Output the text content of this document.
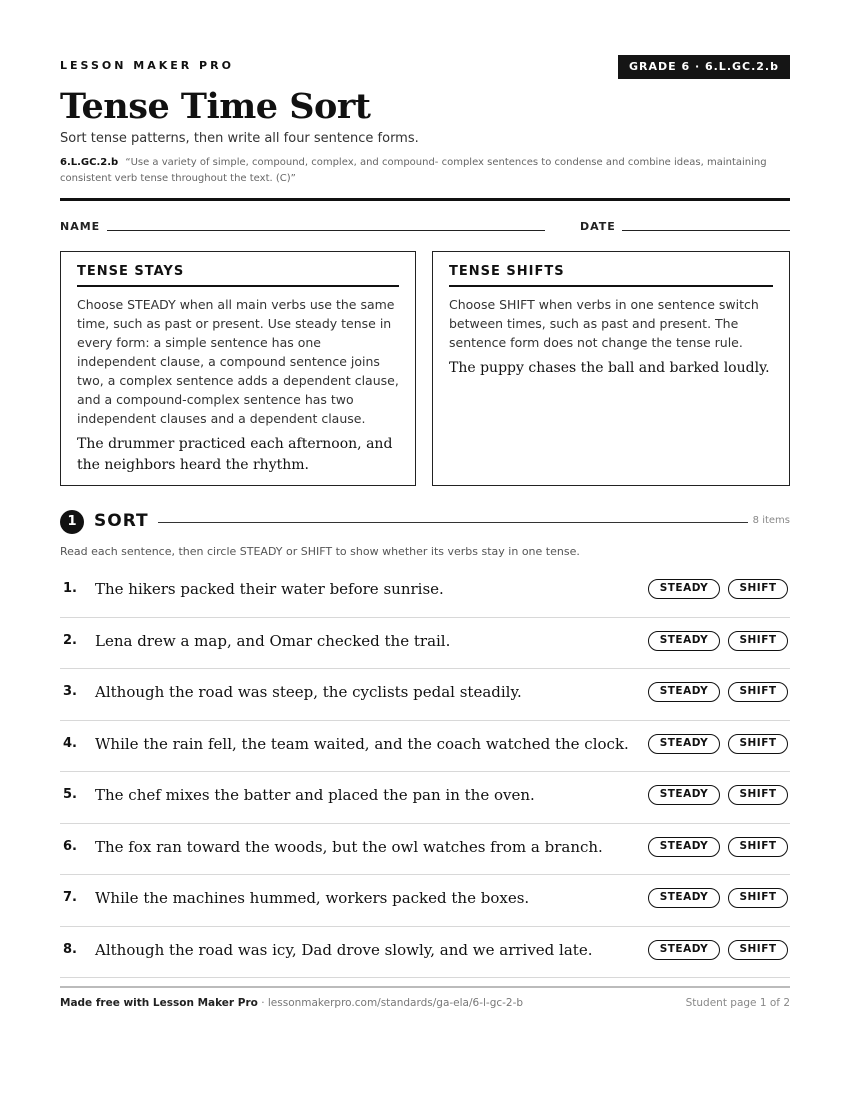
LESSON MAKER PRO	GRADE 6 · 6.L.GC.2.b
Tense Time Sort
Sort tense patterns, then write all four sentence forms.
6.L.GC.2.b “Use a variety of simple, compound, complex, and compound- complex sentences to condense and combine ideas, maintaining consistent verb tense throughout the text. (C)”
NAME	DATE
TENSE STAYS
Choose STEADY when all main verbs use the same time, such as past or present. Use steady tense in every form: a simple sentence has one independent clause, a compound sentence joins two, a complex sentence adds a dependent clause, and a compound-complex sentence has two independent clauses and a dependent clause.
The drummer practiced each afternoon, and the neighbors heard the rhythm.
TENSE SHIFTS
Choose SHIFT when verbs in one sentence switch between times, such as past and present. The sentence form does not change the tense rule.
The puppy chases the ball and barked loudly.
1	SORT	8 items
Read each sentence, then circle STEADY or SHIFT to show whether its verbs stay in one tense.
1. The hikers packed their water before sunrise.	STEADY	SHIFT
2. Lena drew a map, and Omar checked the trail.	STEADY	SHIFT
3. Although the road was steep, the cyclists pedal steadily.	STEADY	SHIFT
4. While the rain fell, the team waited, and the coach watched the clock.	STEADY	SHIFT
5. The chef mixes the batter and placed the pan in the oven.	STEADY	SHIFT
6. The fox ran toward the woods, but the owl watches from a branch.	STEADY	SHIFT
7. While the machines hummed, workers packed the boxes.	STEADY	SHIFT
8. Although the road was icy, Dad drove slowly, and we arrived late.	STEADY	SHIFT
Made free with Lesson Maker Pro · lessonmakerpro.com/standards/ga-ela/6-l-gc-2-b	Student page 1 of 2
